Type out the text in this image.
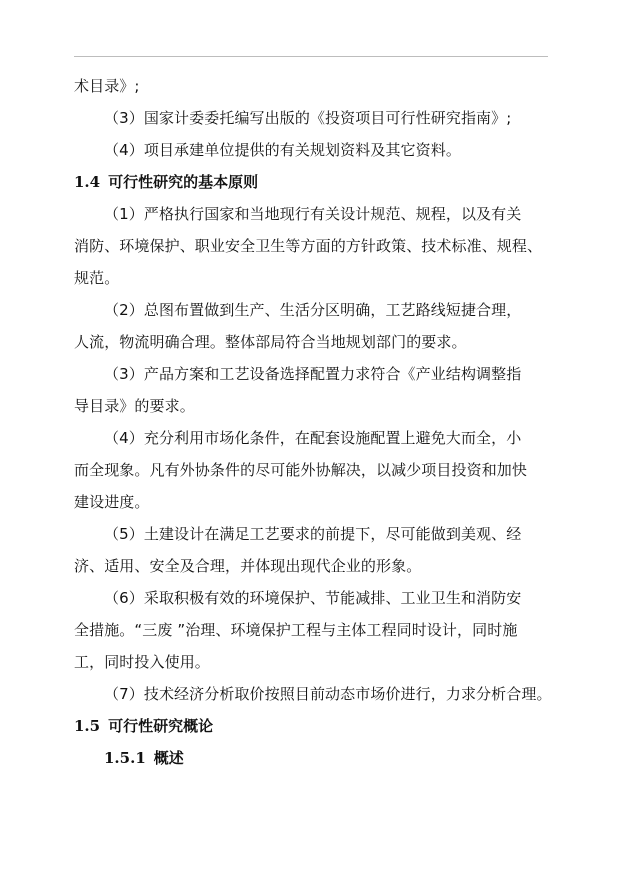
术目录》;
（3）国家计委委托编写出版的《投资项目可行性研究指南》;
（4）项目承建单位提供的有关规划资料及其它资料。
1.4 可行性研究的基本原则
（1）严格执行国家和当地现行有关设计规范、规程，以及有关
消防、环境保护、职业安全卫生等方面的方针政策、技术标准、规程、
规范。
（2）总图布置做到生产、生活分区明确，工艺路线短捷合理，
人流，物流明确合理。整体部局符合当地规划部门的要求。
（3）产品方案和工艺设备选择配置力求符合《产业结构调整指
导目录》的要求。
（4）充分利用市场化条件，在配套设施配置上避免大而全，小
而全现象。凡有外协条件的尽可能外协解决，以减少项目投资和加快
建设进度。
（5）土建设计在满足工艺要求的前提下，尽可能做到美观、经
济、适用、安全及合理，并体现出现代企业的形象。
（6）采取积极有效的环境保护、节能减排、工业卫生和消防安
全措施。“三废 ”治理、环境保护工程与主体工程同时设计，同时施
工，同时投入使用。
（7）技术经济分析取价按照目前动态市场价进行，力求分析合理。
1.5 可行性研究概论
1.5.1 概述
